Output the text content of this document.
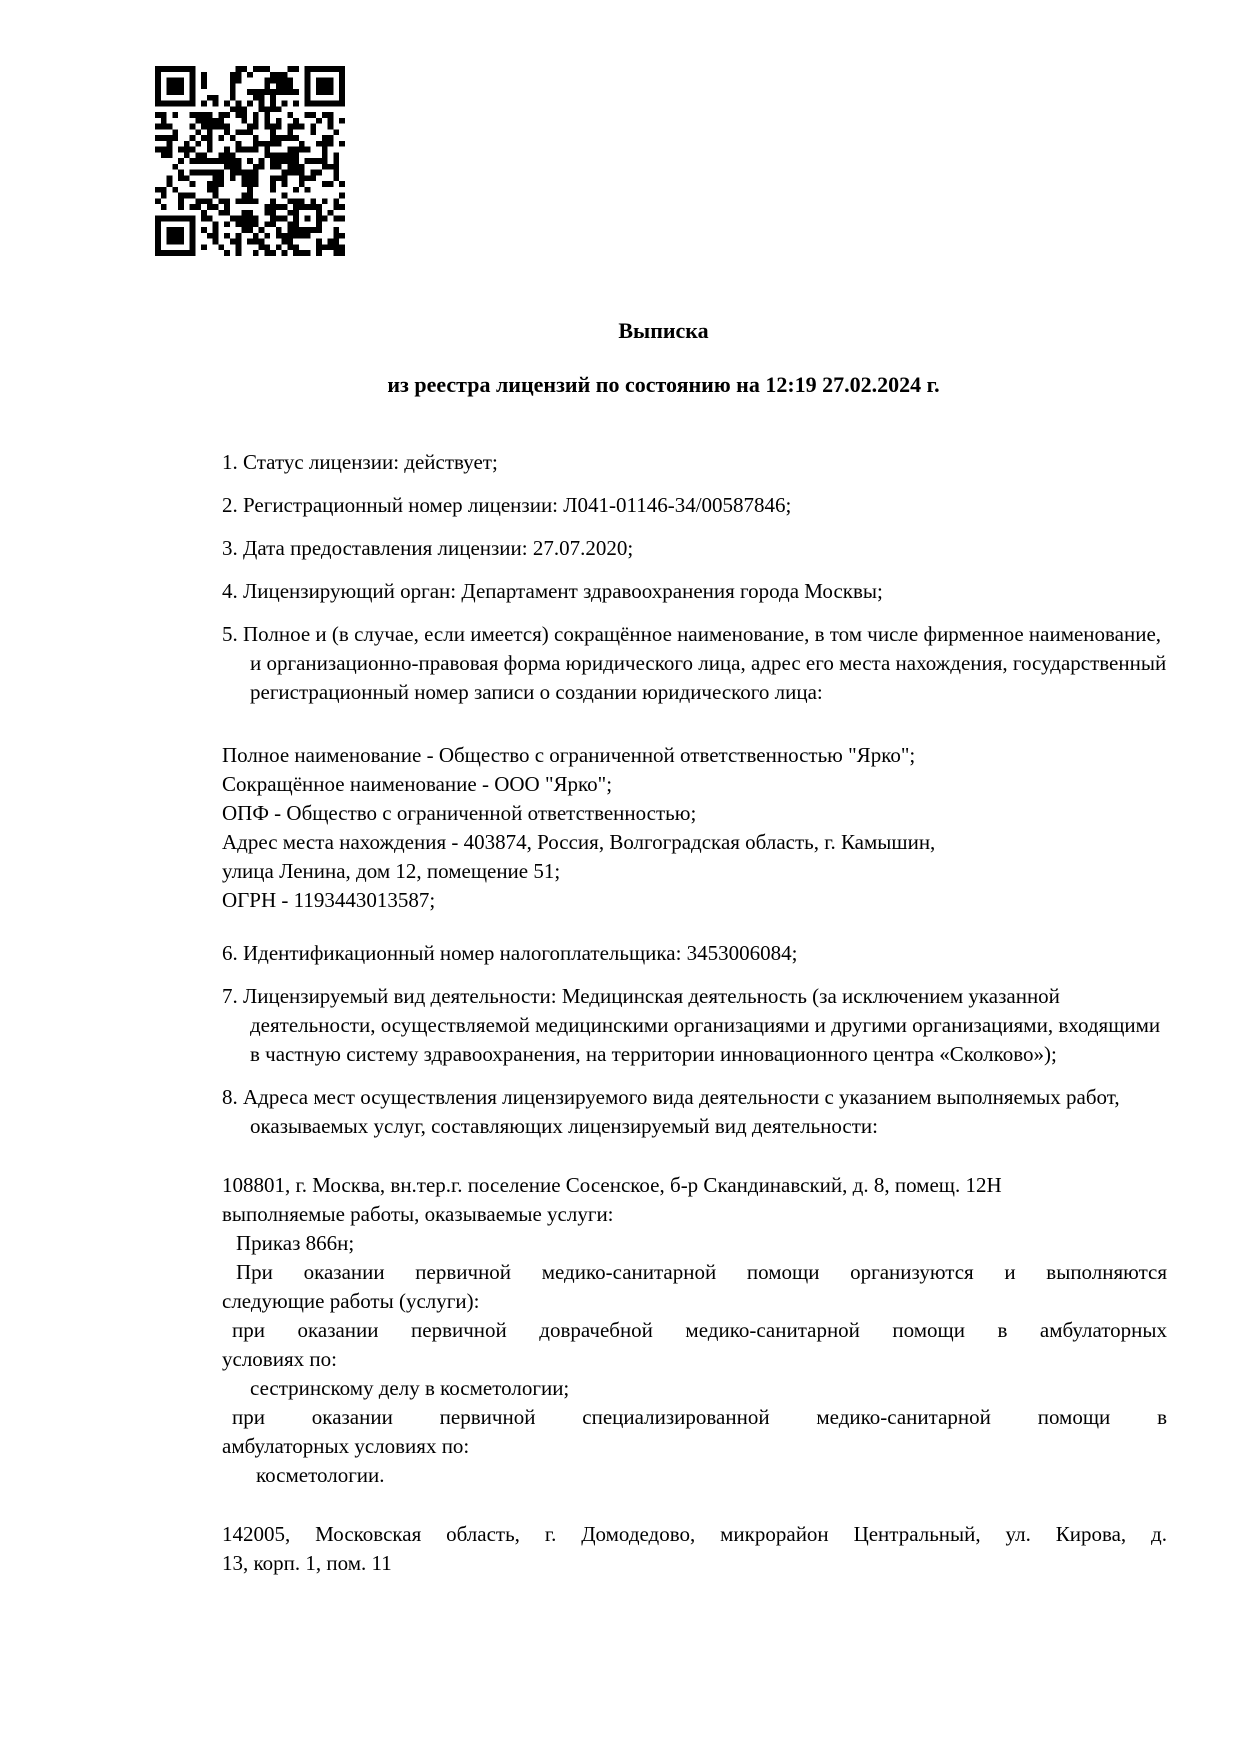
Выписка
из реестра лицензий по состоянию на 12:19 27.02.2024 г.
1. Статус лицензии: действует;
2. Регистрационный номер лицензии: Л041-01146-34/00587846;
3. Дата предоставления лицензии: 27.07.2020;
4. Лицензирующий орган: Департамент здравоохранения города Москвы;
5. Полное и (в случае, если имеется) сокращённое наименование, в том числе фирменное наименование, и организационно-правовая форма юридического лица, адрес его места нахождения, государственный регистрационный номер записи о создании юридического лица:
Полное наименование - Общество с ограниченной ответственностью "Ярко";
Сокращённое наименование - ООО "Ярко";
ОПФ - Общество с ограниченной ответственностью;
Адрес места нахождения - 403874, Россия, Волгоградская область, г. Камышин,
улица Ленина, дом 12, помещение 51;
ОГРН - 1193443013587;
6. Идентификационный номер налогоплательщика: 3453006084;
7. Лицензируемый вид деятельности: Медицинская деятельность (за исключением указанной деятельности, осуществляемой медицинскими организациями и другими организациями, входящими в частную систему здравоохранения, на территории инновационного центра «Сколково»);
8. Адреса мест осуществления лицензируемого вида деятельности с указанием выполняемых работ, оказываемых услуг, составляющих лицензируемый вид деятельности:
108801, г. Москва, вн.тер.г. поселение Сосенское, б-р Скандинавский, д. 8, помещ. 12Н
выполняемые работы, оказываемые услуги:
Приказ 866н;
При оказании первичной медико-санитарной помощи организуются и выполняются
следующие работы (услуги):
при оказании первичной доврачебной медико-санитарной помощи в амбулаторных
условиях по:
сестринскому делу в косметологии;
при оказании первичной специализированной медико-санитарной помощи в
амбулаторных условиях по:
косметологии.
142005, Московская область, г. Домодедово, микрорайон Центральный, ул. Кирова, д.
13, корп. 1, пом. 11
